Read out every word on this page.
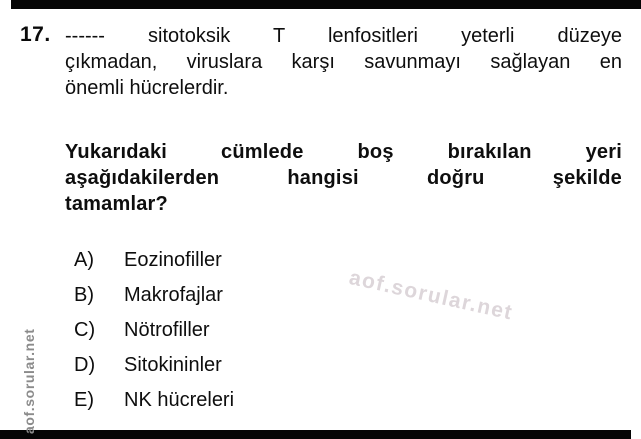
aof.sorular.net
aof.sorular.net
17. ------ sitotoksik T lenfositleri yeterli düzeye
çıkmadan, viruslara karşı savunmayı sağlayan en
önemli hücrelerdir.
Yukarıdaki cümlede boş bırakılan yeri
aşağıdakilerden hangisi doğru şekilde
tamamlar?
A)	Eozinofiller
B)	Makrofajlar
C)	Nötrofiller
D)	Sitokininler
E)	NK hücreleri
